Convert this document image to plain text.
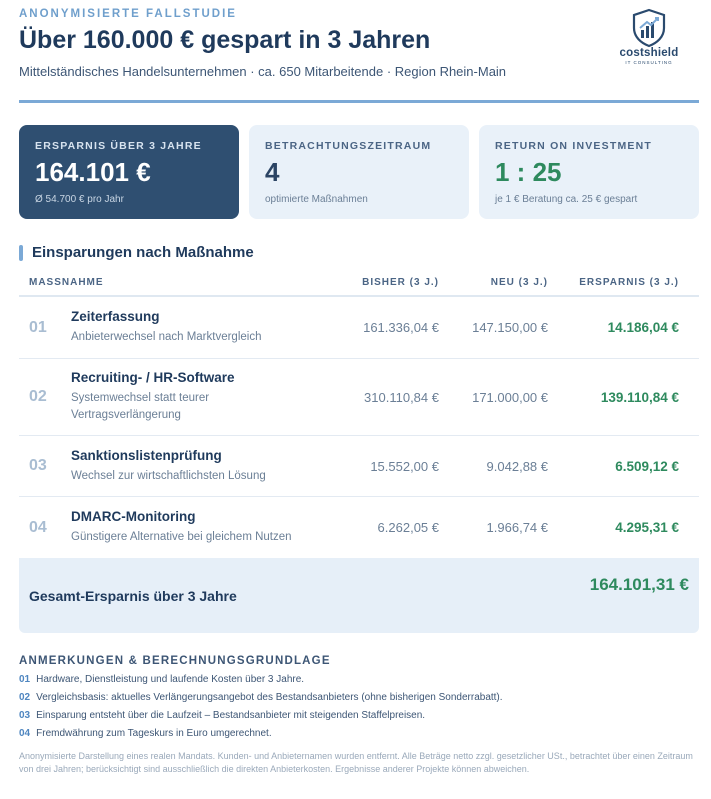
ANONYMISIERTE FALLSTUDIE
Über 160.000 € gespart in 3 Jahren
Mittelständisches Handelsunternehmen · ca. 650 Mitarbeitende · Region Rhein-Main
costshield
IT CONSULTING
ERSPARNIS ÜBER 3 JAHRE
164.101 €
Ø 54.700 € pro Jahr
BETRACHTUNGSZEITRAUM
4
optimierte Maßnahmen
RETURN ON INVESTMENT
1 : 25
je 1 € Beratung ca. 25 € gespart
Einsparungen nach Maßnahme
MASSNAHME	BISHER (3 J.)	NEU (3 J.)	ERSPARNIS (3 J.)
01
Zeiterfassung
Anbieterwechsel nach Marktvergleich
161.336,04 €	147.150,00 €	14.186,04 €
02
Recruiting- / HR-Software
Systemwechsel statt teurer Vertragsverlängerung
310.110,84 €	171.000,00 €	139.110,84 €
03
Sanktionslistenprüfung
Wechsel zur wirtschaftlichsten Lösung
15.552,00 €	9.042,88 €	6.509,12 €
04
DMARC-Monitoring
Günstigere Alternative bei gleichem Nutzen
6.262,05 €	1.966,74 €	4.295,31 €
Gesamt-Ersparnis über 3 Jahre
164.101,31 €
ANMERKUNGEN & BERECHNUNGSGRUNDLAGE
01 Hardware, Dienstleistung und laufende Kosten über 3 Jahre.
02 Vergleichsbasis: aktuelles Verlängerungsangebot des Bestandsanbieters (ohne bisherigen Sonderrabatt).
03 Einsparung entsteht über die Laufzeit – Bestandsanbieter mit steigenden Staffelpreisen.
04 Fremdwährung zum Tageskurs in Euro umgerechnet.
Anonymisierte Darstellung eines realen Mandats. Kunden- und Anbieternamen wurden entfernt. Alle Beträge netto zzgl. gesetzlicher USt., betrachtet über einen Zeitraum von drei Jahren; berücksichtigt sind ausschließlich die direkten Anbieterkosten. Ergebnisse anderer Projekte können abweichen.
